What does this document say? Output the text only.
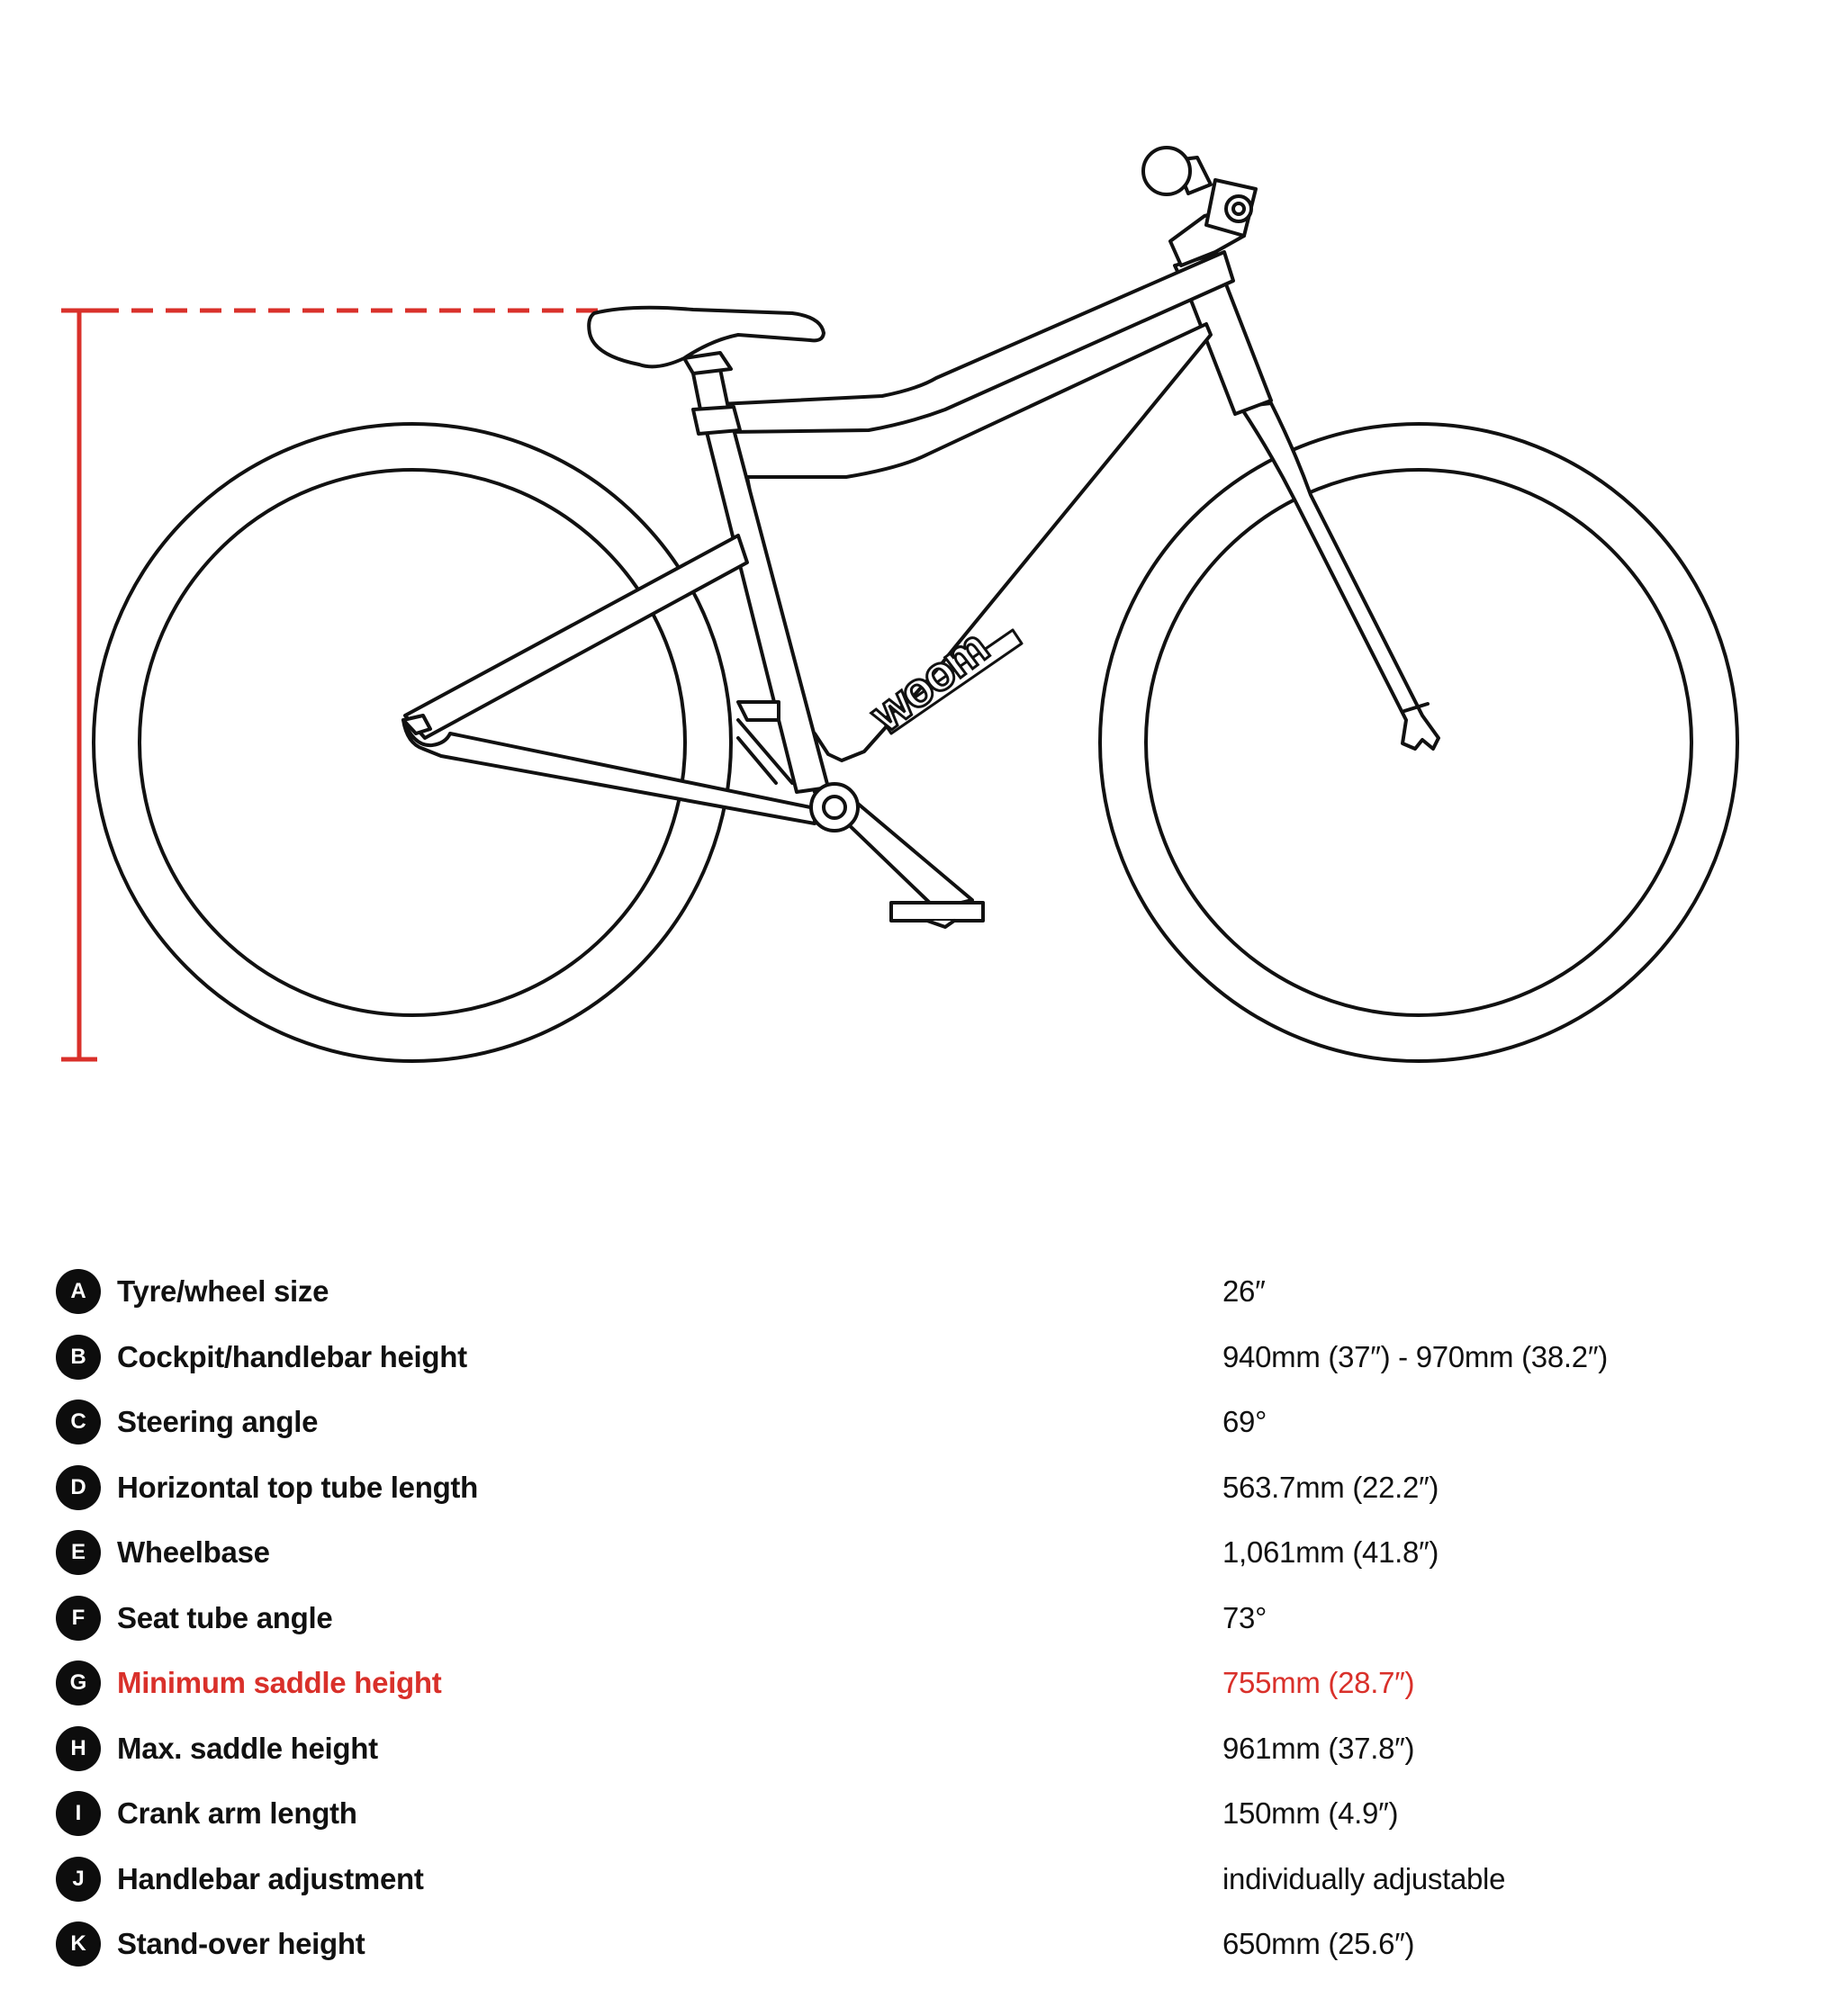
woom
A	Tyre/wheel size	26″
B	Cockpit/handlebar height	940mm (37″) - 970mm (38.2″)
C	Steering angle	69°
D	Horizontal top tube length	563.7mm (22.2″)
E	Wheelbase	1,061mm (41.8″)
F	Seat tube angle	73°
G	Minimum saddle height	755mm (28.7″)
H	Max. saddle height	961mm (37.8″)
I	Crank arm length	150mm (4.9″)
J	Handlebar adjustment	individually adjustable
K	Stand-over height	650mm (25.6″)
